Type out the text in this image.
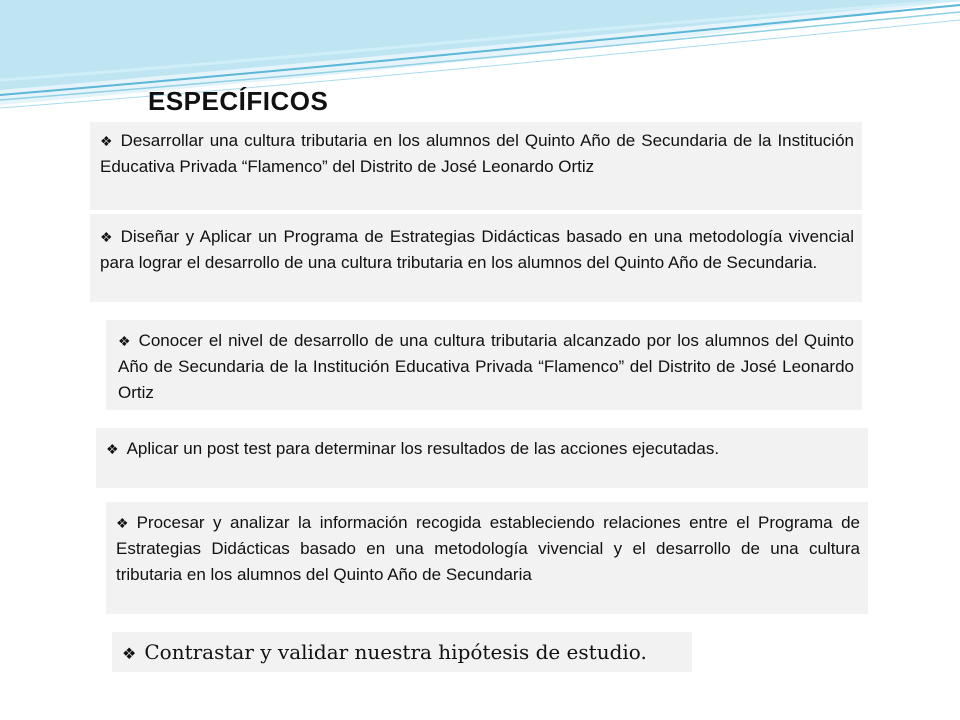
ESPECÍFICOS
❖ Desarrollar una cultura tributaria en los alumnos del Quinto Año de Secundaria de la Institución Educativa Privada “Flamenco” del Distrito de José Leonardo Ortiz
❖ Diseñar y Aplicar un Programa de Estrategias Didácticas basado en una metodología vivencial para lograr el desarrollo de una cultura tributaria en los alumnos del Quinto Año de Secundaria.
❖ Conocer el nivel de desarrollo de una cultura tributaria alcanzado por los alumnos del Quinto Año de Secundaria de la Institución Educativa Privada “Flamenco” del Distrito de José Leonardo Ortiz
❖ Aplicar un post test para determinar los resultados de las acciones ejecutadas.
❖ Procesar y analizar la información recogida estableciendo relaciones entre el Programa de Estrategias Didácticas basado en una metodología vivencial y el desarrollo de una cultura tributaria en los alumnos del Quinto Año de Secundaria
❖ Contrastar y validar nuestra hipótesis de estudio.
